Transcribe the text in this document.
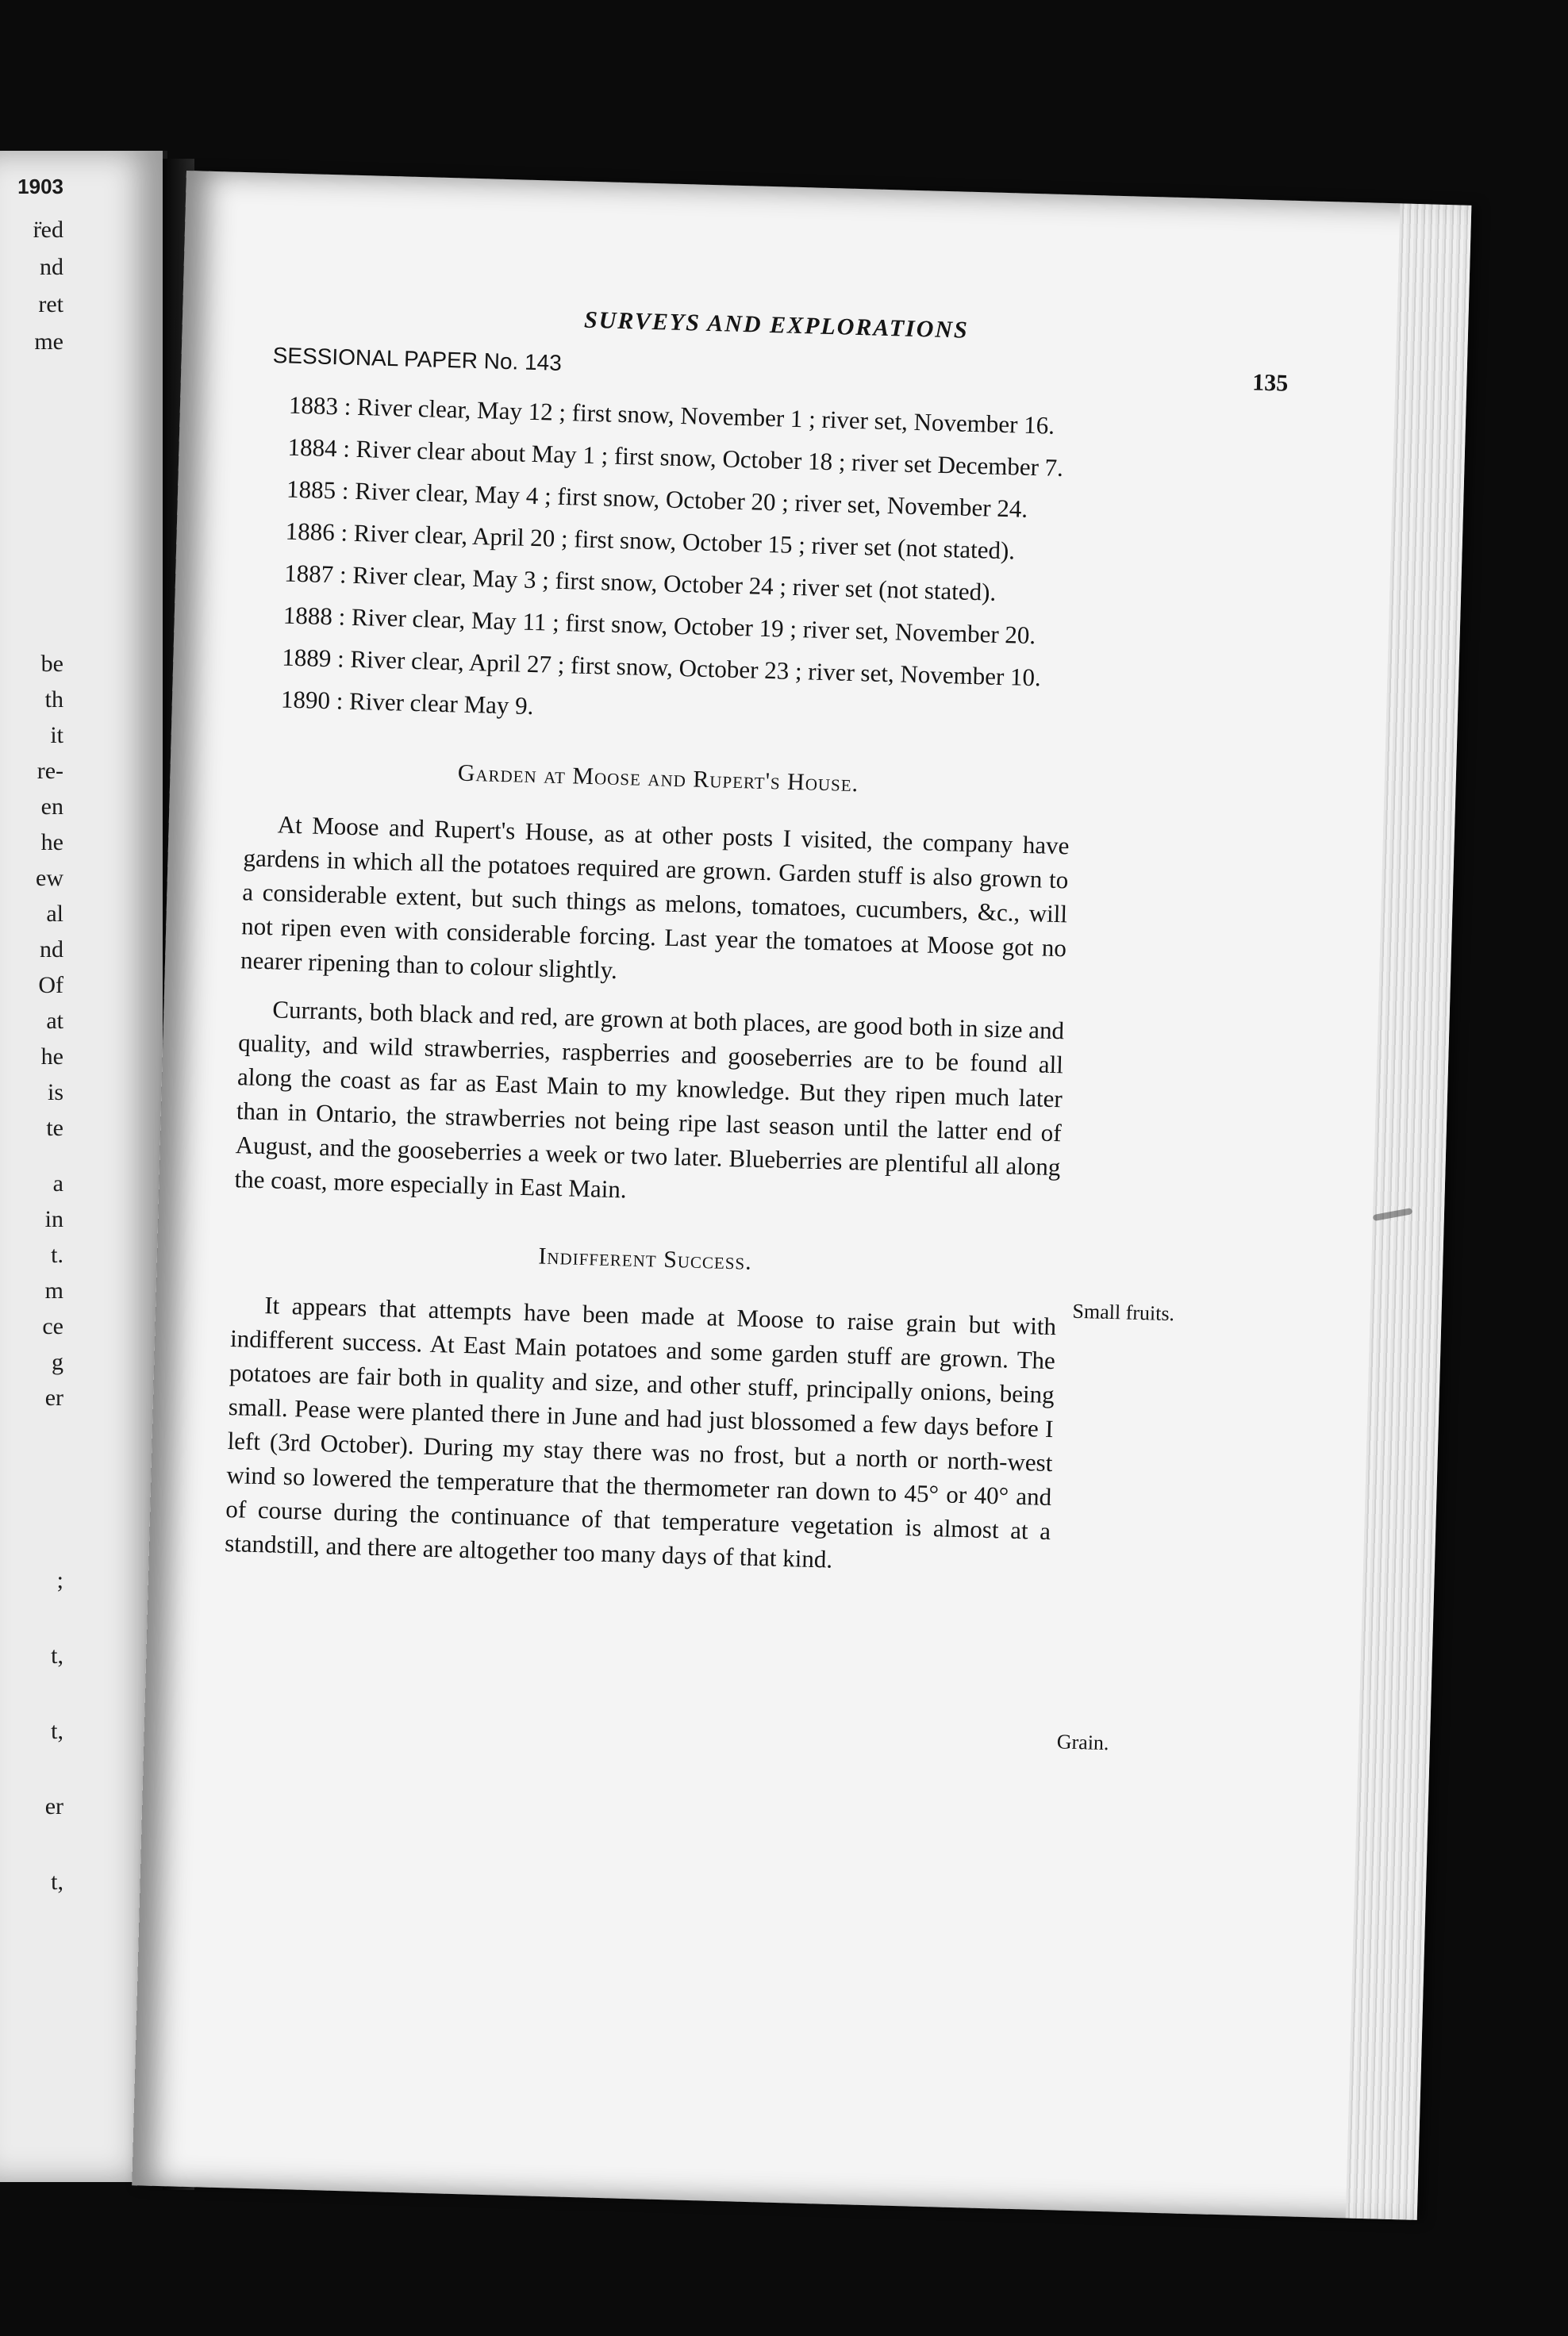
1903
r̈ed
nd
ret
me
be
th
it
re-
en
he
ew
al
nd
Of
at
he
is
te
a
in
t.
m
ce
g
er
;
t,
t,
er
t,
SURVEYS AND EXPLORATIONS
SESSIONAL PAPER No. 143
135

1883 : River clear, May 12 ; first snow, November 1 ; river set, November 16.

1884 : River clear about May 1 ; first snow, October 18 ; river set December 7.

1885 : River clear, May 4 ; first snow, October 20 ; river set, November 24.

1886 : River clear, April 20 ; first snow, October 15 ; river set (not stated).

1887 : River clear, May 3 ; first snow, October 24 ; river set (not stated).

1888 : River clear, May 11 ; first snow, October 19 ; river set, November 20.

1889 : River clear, April 27 ; first snow, October 23 ; river set, November 10.

1890 : River clear May 9.

Garden at Moose and Rupert's House.

At Moose and Rupert's House, as at other posts I visited, the company have gardens in which all the potatoes required are grown. Garden stuff is also grown to a considerable extent, but such things as melons, tomatoes, cucumbers, &c., will not ripen even with considerable forcing. Last year the tomatoes at Moose got no nearer ripening than to colour slightly.

Currants, both black and red, are grown at both places, are good both in size and quality, and wild strawberries, raspberries and gooseberries are to be found all along the coast as far as East Main to my knowledge. But they ripen much later than in Ontario, the strawberries not being ripe last season until the latter end of August, and the gooseberries a week or two later. Blueberries are plentiful all along the coast, more especially in East Main.

Indifferent Success.

It appears that attempts have been made at Moose to raise grain but with indifferent success. At East Main potatoes and some garden stuff are grown. The potatoes are fair both in quality and size, and other stuff, principally onions, being small. Pease were planted there in June and had just blossomed a few days before I left (3rd October). During my stay there was no frost, but a north or north-west wind so lowered the temperature that the thermometer ran down to 45° or 40° and of course during the continuance of that temperature vegetation is almost at a standstill, and there are altogether too many days of that kind.

Small fruits.
Grain.
